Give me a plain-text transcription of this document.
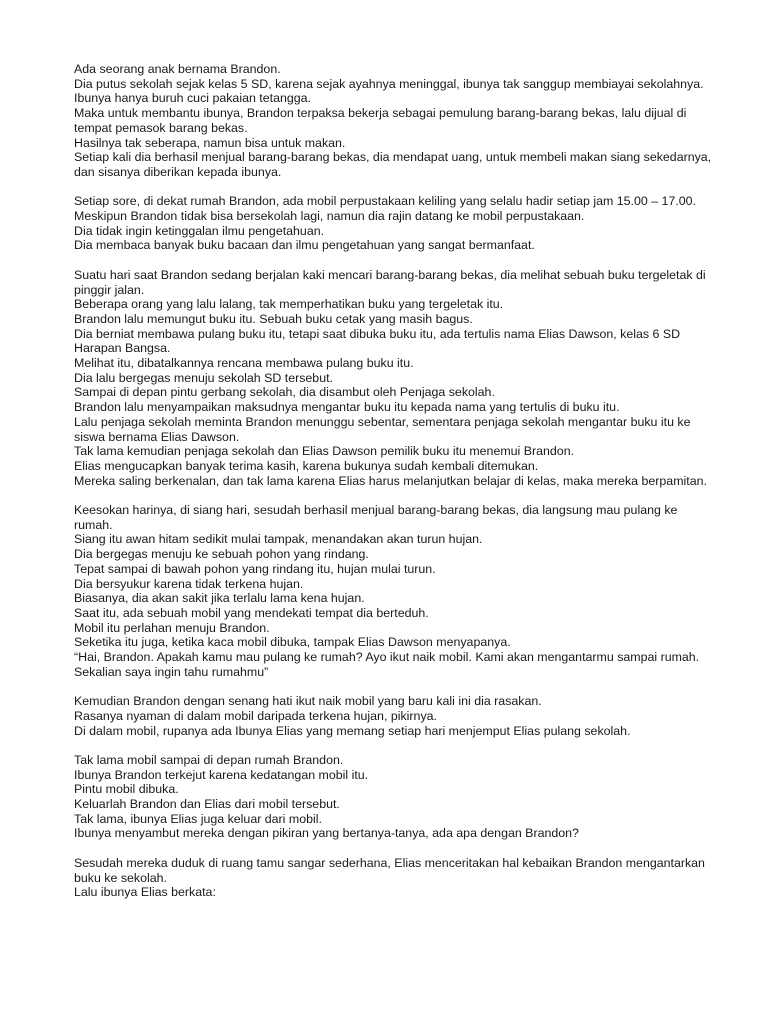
Ada seorang anak bernama Brandon.
Dia putus sekolah sejak kelas 5 SD, karena sejak ayahnya meninggal, ibunya tak sanggup membiayai sekolahnya.
Ibunya hanya buruh cuci pakaian tetangga.
Maka untuk membantu ibunya, Brandon terpaksa bekerja sebagai pemulung barang-barang bekas, lalu dijual di tempat pemasok barang bekas.
Hasilnya tak seberapa, namun bisa untuk makan.
Setiap kali dia berhasil menjual barang-barang bekas, dia mendapat uang, untuk membeli makan siang sekedarnya, dan sisanya diberikan kepada ibunya.
Setiap sore, di dekat rumah Brandon, ada mobil perpustakaan keliling yang selalu hadir setiap jam 15.00 – 17.00.
Meskipun Brandon tidak bisa bersekolah lagi, namun dia rajin datang ke mobil perpustakaan.
Dia tidak ingin ketinggalan ilmu pengetahuan.
Dia membaca banyak buku bacaan dan ilmu pengetahuan yang sangat bermanfaat.
Suatu hari saat Brandon sedang berjalan kaki mencari barang-barang bekas, dia melihat sebuah buku tergeletak di pinggir jalan.
Beberapa orang yang lalu lalang, tak memperhatikan buku yang tergeletak itu.
Brandon lalu memungut buku itu. Sebuah buku cetak yang masih bagus.
Dia berniat membawa pulang buku itu, tetapi saat dibuka buku itu, ada tertulis nama Elias Dawson, kelas 6 SD Harapan Bangsa.
Melihat itu, dibatalkannya rencana membawa pulang buku itu.
Dia lalu bergegas menuju sekolah SD tersebut.
Sampai di depan pintu gerbang sekolah, dia disambut oleh Penjaga sekolah.
Brandon lalu menyampaikan maksudnya mengantar buku itu kepada nama yang tertulis di buku itu.
Lalu penjaga sekolah meminta Brandon menunggu sebentar, sementara penjaga sekolah mengantar buku itu ke siswa bernama Elias Dawson.
Tak lama kemudian penjaga sekolah dan Elias Dawson pemilik buku itu menemui Brandon.
Elias mengucapkan banyak terima kasih, karena bukunya sudah kembali ditemukan.
Mereka saling berkenalan, dan tak lama karena Elias harus melanjutkan belajar di kelas, maka mereka berpamitan.
Keesokan harinya, di siang hari, sesudah berhasil menjual barang-barang bekas, dia langsung mau pulang ke rumah.
Siang itu awan hitam sedikit mulai tampak, menandakan akan turun hujan.
Dia bergegas menuju ke sebuah pohon yang rindang.
Tepat sampai di bawah pohon yang rindang itu, hujan mulai turun.
Dia bersyukur karena tidak terkena hujan.
Biasanya, dia akan sakit jika terlalu lama kena hujan.
Saat itu, ada sebuah mobil yang mendekati tempat dia berteduh.
Mobil itu perlahan menuju Brandon.
Seketika itu juga, ketika kaca mobil dibuka, tampak Elias Dawson menyapanya.
“Hai, Brandon. Apakah kamu mau pulang ke rumah? Ayo ikut naik mobil. Kami akan mengantarmu sampai rumah. Sekalian saya ingin tahu rumahmu”
Kemudian Brandon dengan senang hati ikut naik mobil yang baru kali ini dia rasakan.
Rasanya nyaman di dalam mobil daripada terkena hujan, pikirnya.
Di dalam mobil, rupanya ada Ibunya Elias yang memang setiap hari menjemput Elias pulang sekolah.
Tak lama mobil sampai di depan rumah Brandon.
Ibunya Brandon terkejut karena kedatangan mobil itu.
Pintu mobil dibuka.
Keluarlah Brandon dan Elias dari mobil tersebut.
Tak lama, ibunya Elias juga keluar dari mobil.
Ibunya menyambut mereka dengan pikiran yang bertanya-tanya, ada apa dengan Brandon?
Sesudah mereka duduk di ruang tamu sangar sederhana, Elias menceritakan hal kebaikan Brandon mengantarkan buku ke sekolah.
Lalu ibunya Elias berkata:
